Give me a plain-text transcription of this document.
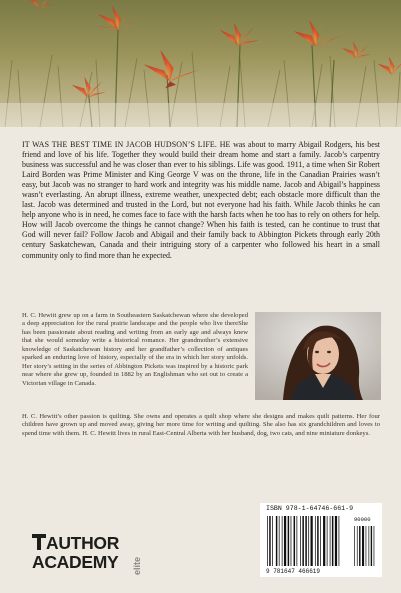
IT WAS THE BEST TIME IN JACOB HUDSON’S LIFE. HE was about to marry Abigail Rodgers, his best friend and love of his life. Together they would build their dream home and start a family. Jacob’s carpentry business was successful and he was closer than ever to his siblings. Life was good. 1911, a time when Sir Robert Laird Borden was Prime Minister and King George V was on the throne, life in the Canadian Prairies wasn’t easy, but Jacob was no stranger to hard work and integrity was his middle name. Jacob and Abigail’s happiness wasn’t everlasting. An abrupt illness, extreme weather, unexpected debt; each obstacle more difficult than the last. Jacob was determined and trusted in the Lord, but not everyone had his faith. While Jacob thinks he can help anyone who is in need, he comes face to face with the harsh facts when he too has to rely on others for help. How will Jacob overcome the things he cannot change? When his faith is tested, can he continue to trust that God will never fail? Follow Jacob and Abigail and their family back to Abbington Pickets through early 20th century Saskatchewan, Canada and their intriguing story of a carpenter who followed his heart in a small community only to find more than he expected.

H. C. Hewitt grew up on a farm in Southeastern Saskatchewan where she developed a deep appreciation for the rural prairie landscape and the people who live thereShe has been passionate about reading and writing from an early age and always knew that she would someday write a historical romance. Her grandmother’s extensive knowledge of Saskatchewan history and her grandfather’s collection of antiques sparked an enduring love of history, especially of the era in which her story unfolds. Her story’s setting in the series of Abbington Pickets was inspired by a historic park near where she grew up, founded in 1882 by an Englishman who set out to create a Victorian village in Canada.

H. C. Hewitt’s other passion is quilting. She owns and operates a quilt shop where she designs and makes quilt patterns. Her four children have grown up and moved away, giving her more time for writing and quilting. She also has six grandchildren and loves to spend time with them. H. C. Hewitt lives in rural East-Central Alberta with her husband, dog, two cats, and nine miniature donkeys.

AUTHOR
ACADEMY elite
ISBN 978-1-64746-661-9
90000
9 781647 466619
